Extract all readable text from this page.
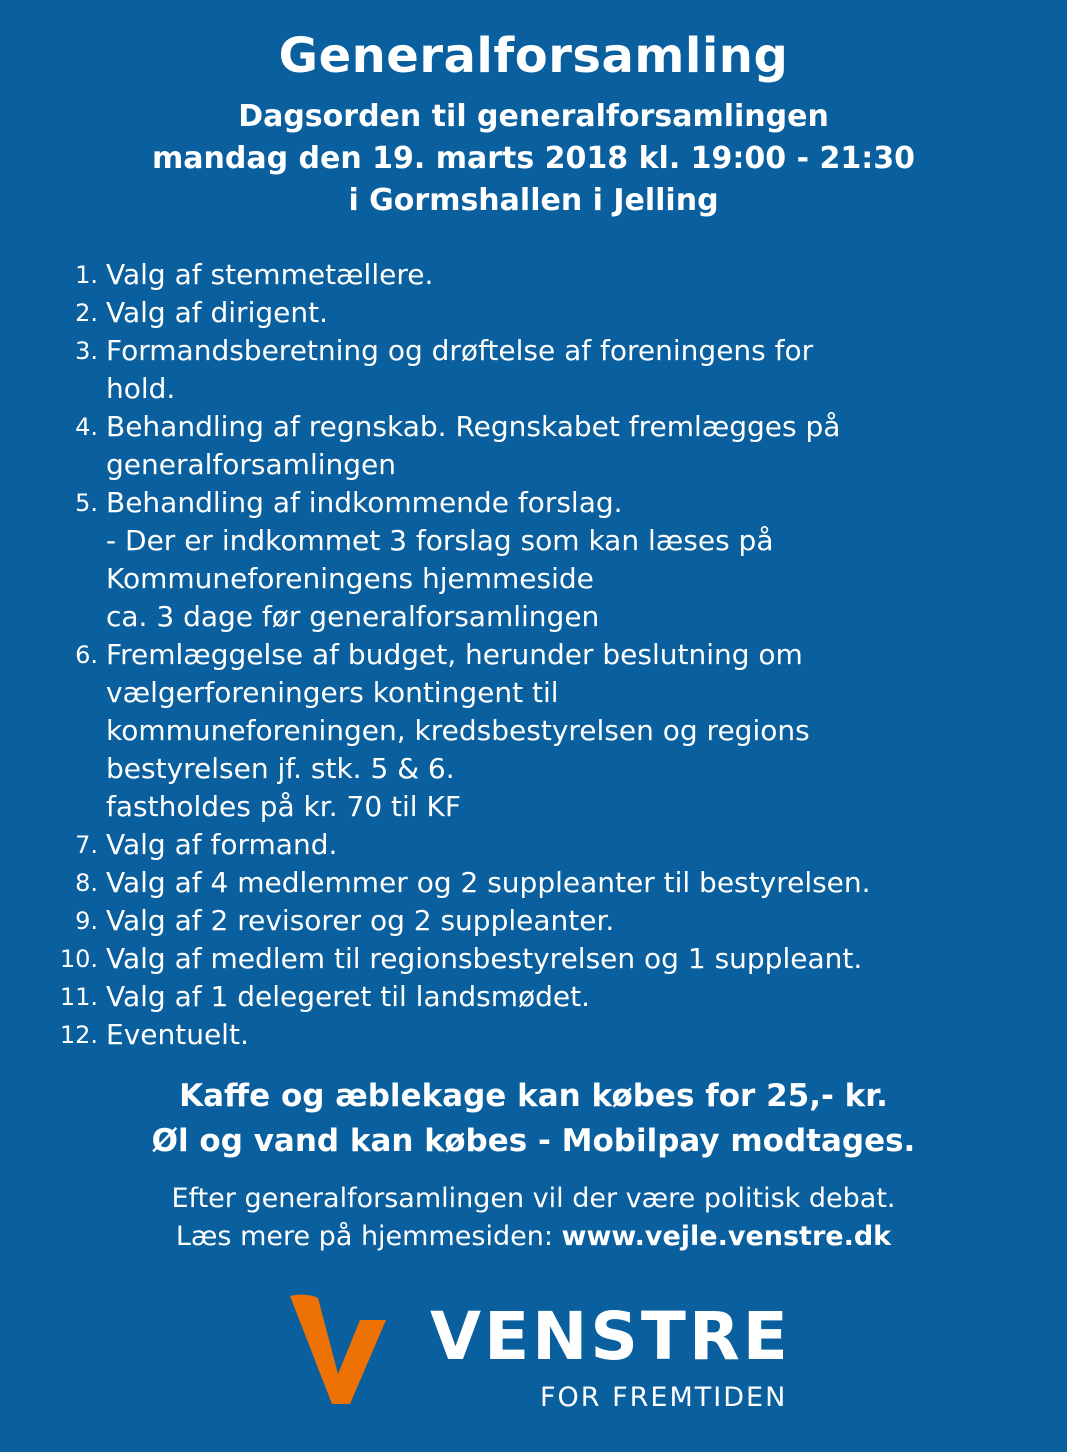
Generalforsamling
Dagsorden til generalforsamlingen
mandag den 19. marts 2018 kl. 19:00 - 21:30
i Gormshallen i Jelling
1. Valg af stemmetællere.
2. Valg af dirigent.
3. Formandsberetning og drøftelse af foreningens for
hold.
4. Behandling af regnskab. Regnskabet fremlægges på
generalforsamlingen
5. Behandling af indkommende forslag.
- Der er indkommet 3 forslag som kan læses på
Kommuneforeningens hjemmeside
ca. 3 dage før generalforsamlingen
6. Fremlæggelse af budget, herunder beslutning om
vælgerforeningers kontingent til
kommuneforeningen, kredsbestyrelsen og regions
bestyrelsen jf. stk. 5 & 6.
fastholdes på kr. 70 til KF
7. Valg af formand.
8. Valg af 4 medlemmer og 2 suppleanter til bestyrelsen.
9. Valg af 2 revisorer og 2 suppleanter.
10. Valg af medlem til regionsbestyrelsen og 1 suppleant.
11. Valg af 1 delegeret til landsmødet.
12. Eventuelt.
Kaffe og æblekage kan købes for 25,- kr.
Øl og vand kan købes - Mobilpay modtages.
Efter generalforsamlingen vil der være politisk debat.
Læs mere på hjemmesiden: www.vejle.venstre.dk
VENSTRE
FOR FREMTIDEN
